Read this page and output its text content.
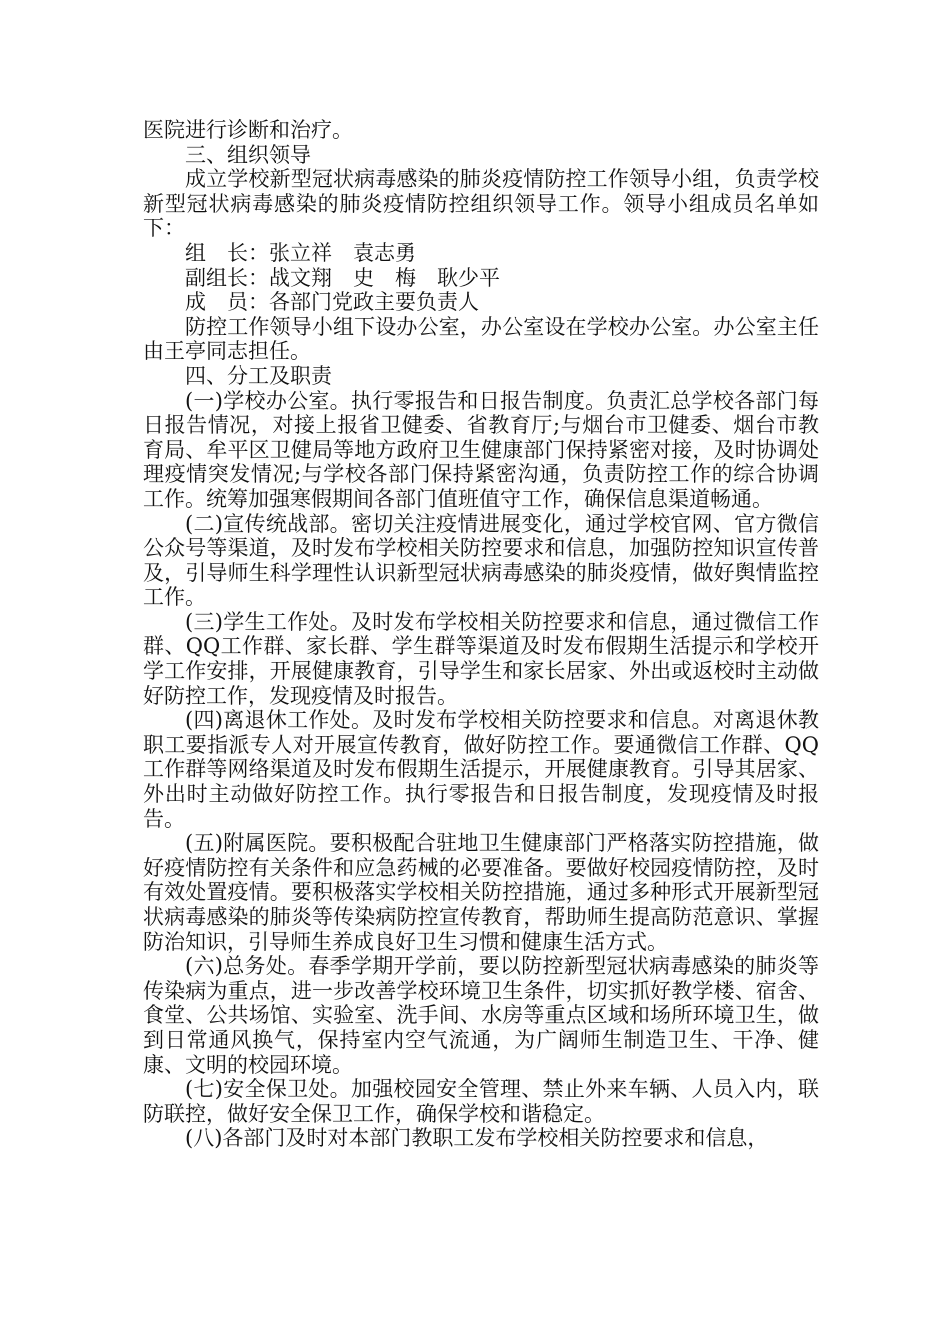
医院进行诊断和治疗。

三、组织领导

成立学校新型冠状病毒感染的肺炎疫情防控工作领导小组，负责学校新型冠状病毒感染的肺炎疫情防控组织领导工作。领导小组成员名单如下：

组　长：张立祥　袁志勇

副组长：战文翔　史　梅　耿少平

成　员：各部门党政主要负责人

防控工作领导小组下设办公室，办公室设在学校办公室。办公室主任由王亭同志担任。

四、分工及职责

(一)学校办公室。执行零报告和日报告制度。负责汇总学校各部门每日报告情况，对接上报省卫健委、省教育厅;与烟台市卫健委、烟台市教育局、牟平区卫健局等地方政府卫生健康部门保持紧密对接，及时协调处理疫情突发情况;与学校各部门保持紧密沟通，负责防控工作的综合协调工作。统筹加强寒假期间各部门值班值守工作，确保信息渠道畅通。

(二)宣传统战部。密切关注疫情进展变化，通过学校官网、官方微信公众号等渠道，及时发布学校相关防控要求和信息，加强防控知识宣传普及，引导师生科学理性认识新型冠状病毒感染的肺炎疫情，做好舆情监控工作。

(三)学生工作处。及时发布学校相关防控要求和信息，通过微信工作群、QQ工作群、家长群、学生群等渠道及时发布假期生活提示和学校开学工作安排，开展健康教育，引导学生和家长居家、外出或返校时主动做好防控工作，发现疫情及时报告。

(四)离退休工作处。及时发布学校相关防控要求和信息。对离退休教职工要指派专人对开展宣传教育，做好防控工作。要通微信工作群、QQ工作群等网络渠道及时发布假期生活提示，开展健康教育。引导其居家、外出时主动做好防控工作。执行零报告和日报告制度，发现疫情及时报告。

(五)附属医院。要积极配合驻地卫生健康部门严格落实防控措施，做好疫情防控有关条件和应急药械的必要准备。要做好校园疫情防控，及时有效处置疫情。要积极落实学校相关防控措施，通过多种形式开展新型冠状病毒感染的肺炎等传染病防控宣传教育，帮助师生提高防范意识、掌握防治知识，引导师生养成良好卫生习惯和健康生活方式。

(六)总务处。春季学期开学前，要以防控新型冠状病毒感染的肺炎等传染病为重点，进一步改善学校环境卫生条件，切实抓好教学楼、宿舍、食堂、公共场馆、实验室、洗手间、水房等重点区域和场所环境卫生，做到日常通风换气，保持室内空气流通，为广阔师生制造卫生、干净、健康、文明的校园环境。

(七)安全保卫处。加强校园安全管理、禁止外来车辆、人员入内，联防联控，做好安全保卫工作，确保学校和谐稳定。

(八)各部门及时对本部门教职工发布学校相关防控要求和信息，
